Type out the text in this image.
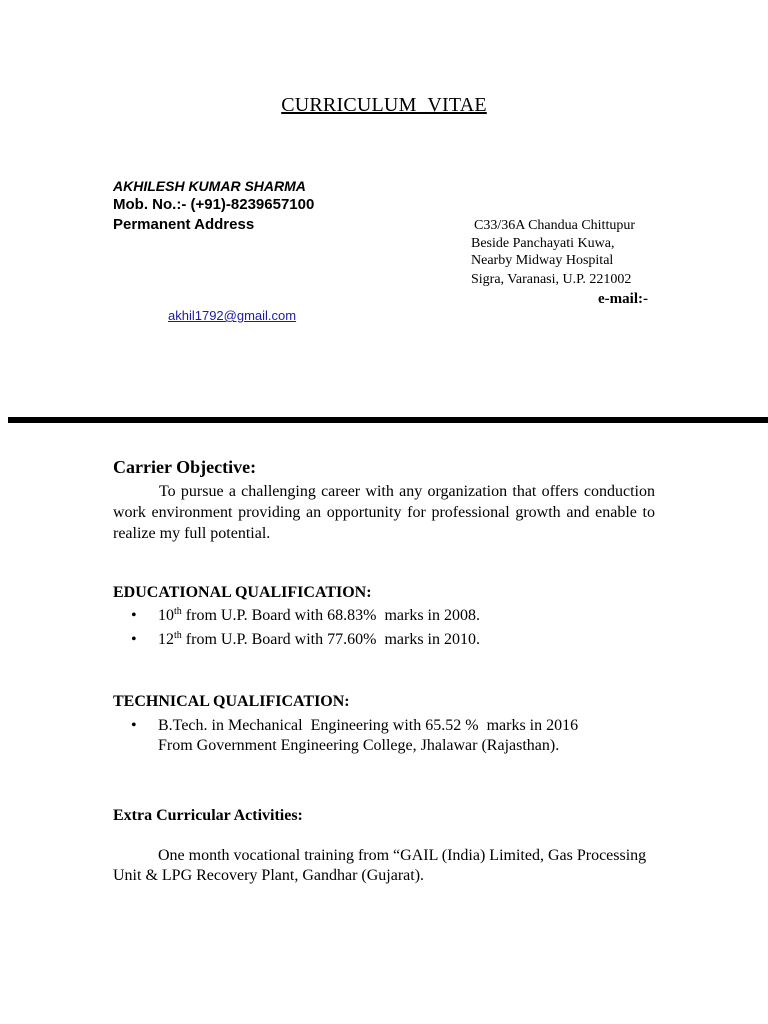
CURRICULUM VITAE
AKHILESH KUMAR SHARMA
Mob. No.:- (+91)-8239657100
Permanent Address	C33/36A Chandua Chittupur
Beside Panchayati Kuwa,
Nearby Midway Hospital
Sigra, Varanasi, U.P. 221002
e-mail:-
akhil1792@gmail.com
Carrier Objective:
To pursue a challenging career with any organization that offers conduction work environment providing an opportunity for professional growth and enable to realize my full potential.
EDUCATIONAL QUALIFICATION:
•	10th from U.P. Board with 68.83%  marks in 2008.
•	12th from U.P. Board with 77.60%  marks in 2010.
TECHNICAL QUALIFICATION:
•	B.Tech. in Mechanical  Engineering with 65.52 %  marks in 2016
From Government Engineering College, Jhalawar (Rajasthan).
Extra Curricular Activities:
One month vocational training from “GAIL (India) Limited, Gas Processing Unit & LPG Recovery Plant, Gandhar (Gujarat).
